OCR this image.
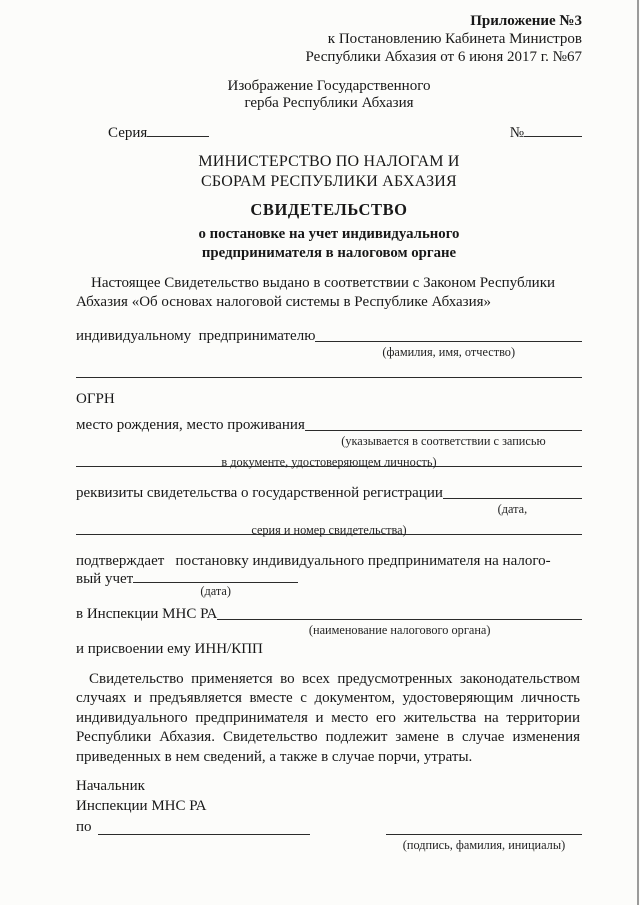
Приложение №3
к Постановлению Кабинета Министров
Республики Абхазия от 6 июня 2017 г. №67
Изображение Государственного
герба Республики Абхазия
Серия	№
МИНИСТЕРСТВО ПО НАЛОГАМ И
СБОРАМ РЕСПУБЛИКИ АБХАЗИЯ
СВИДЕТЕЛЬСТВО
о постановке на учет индивидуального
предпринимателя в налоговом органе
Настоящее Свидетельство выдано в соответствии с Законом Республики Абхазия «Об основах налоговой системы в Республике Абхазия»
индивидуальному  предпринимателю
(фамилия, имя, отчество)
ОГРН
место рождения, место проживания
(указывается в соответствии с записью
в документе, удостоверяющем личность)
реквизиты свидетельства о государственной регистрации
(дата,
серия и номер свидетельства)
подтверждает   постановку индивидуального предпринимателя на налого-
вый учет
(дата)
в Инспекции МНС РА
(наименование налогового органа)
и присвоении ему ИНН/КПП
Свидетельство применяется во всех предусмотренных законодательством случаях и предъявляется вместе с документом, удостоверяющим личность индивидуального предпринимателя и место его жительства на территории Республики Абхазия. Свидетельство подлежит замене в случае изменения приведенных в нем сведений, а также в случае порчи, утраты.
Начальник
Инспекции МНС РА
по
(подпись, фамилия, инициалы)
